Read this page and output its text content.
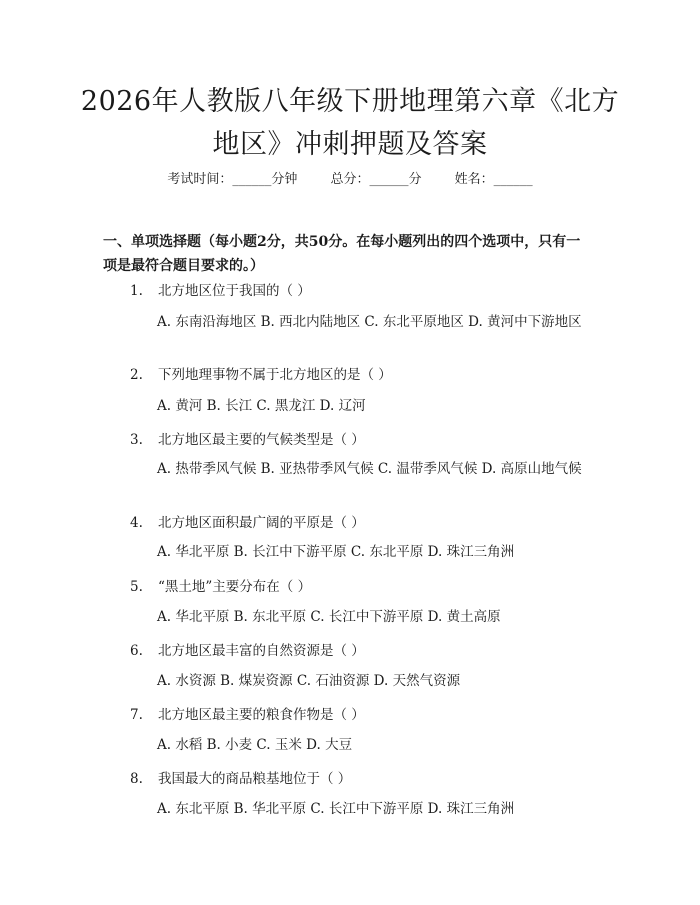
2026年人教版八年级下册地理第六章《北方地区》冲刺押题及答案
考试时间：______分钟	总分：______分	姓名：______
一、单项选择题（每小题2分，共50分。在每小题列出的四个选项中，只有一项是最符合题目要求的。）
1. 北方地区位于我国的（ ）
A. 东南沿海地区 B. 西北内陆地区 C. 东北平原地区 D. 黄河中下游地区
2. 下列地理事物不属于北方地区的是（ ）
A. 黄河 B. 长江 C. 黑龙江 D. 辽河
3. 北方地区最主要的气候类型是（ ）
A. 热带季风气候 B. 亚热带季风气候 C. 温带季风气候 D. 高原山地气候
4. 北方地区面积最广阔的平原是（ ）
A. 华北平原 B. 长江中下游平原 C. 东北平原 D. 珠江三角洲
5. “黑土地”主要分布在（ ）
A. 华北平原 B. 东北平原 C. 长江中下游平原 D. 黄土高原
6. 北方地区最丰富的自然资源是（ ）
A. 水资源 B. 煤炭资源 C. 石油资源 D. 天然气资源
7. 北方地区最主要的粮食作物是（ ）
A. 水稻 B. 小麦 C. 玉米 D. 大豆
8. 我国最大的商品粮基地位于（ ）
A. 东北平原 B. 华北平原 C. 长江中下游平原 D. 珠江三角洲
